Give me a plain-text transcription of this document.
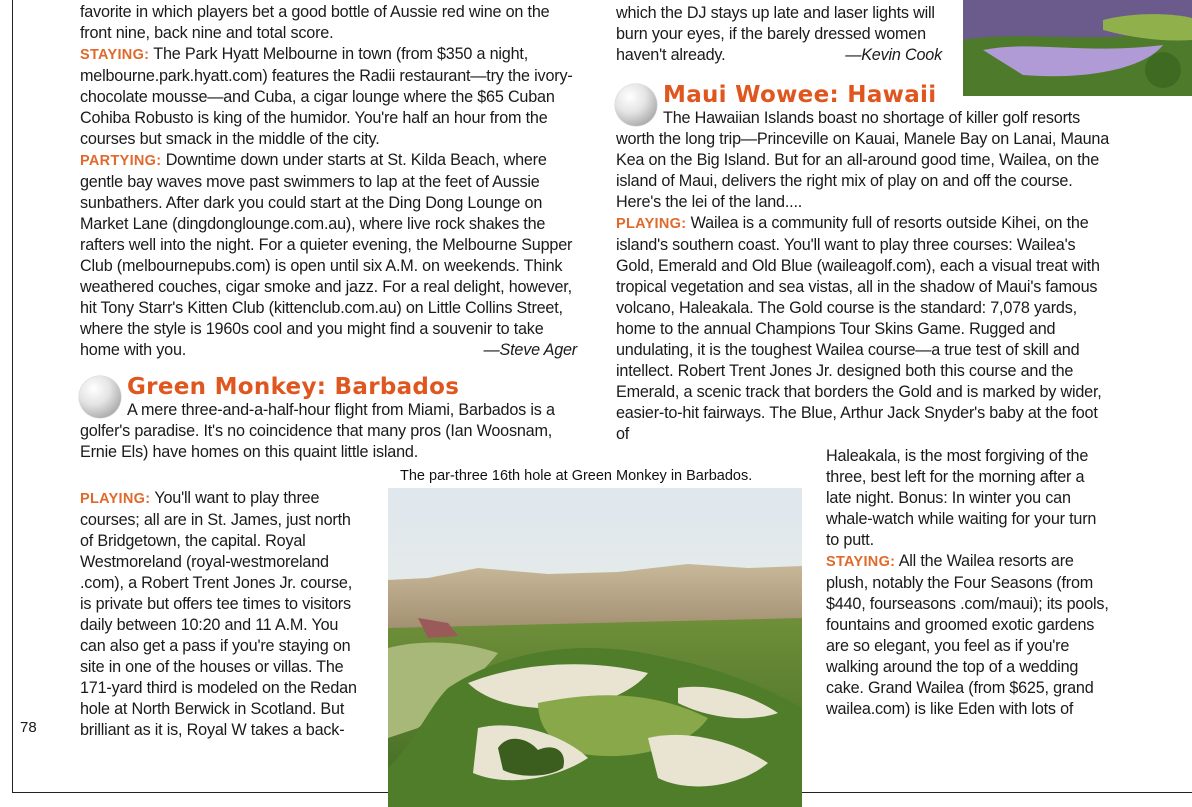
favorite in which players bet a good bottle of Aussie red wine on the front nine, back nine and total score.

STAYING: The Park Hyatt Melbourne in town (from $350 a night, melbourne.park.hyatt.com) features the Radii restaurant—try the ivory-chocolate mousse—and Cuba, a cigar lounge where the $65 Cuban Cohiba Robusto is king of the humidor. You're half an hour from the courses but smack in the middle of the city.

PARTYING: Downtime down under starts at St. Kilda Beach, where gentle bay waves move past swimmers to lap at the feet of Aussie sunbathers. After dark you could start at the Ding Dong Lounge on Market Lane (dingdonglounge.com.au), where live rock shakes the rafters well into the night. For a quieter evening, the Melbourne Supper Club (melbournepubs.com) is open until six A.M. on weekends. Think weathered couches, cigar smoke and jazz. For a real delight, however, hit Tony Starr's Kitten Club (kittenclub.com.au) on Little Collins Street, where the style is 1960s cool and you might find a souvenir to take home with you.	—Steve Ager

Green Monkey: Barbados

A mere three-and-a-half-hour flight from Miami, Barbados is a golfer's paradise. It's no coincidence that many pros (Ian Woosnam, Ernie Els) have homes on this quaint little island.

PLAYING: You'll want to play three courses; all are in St. James, just north of Bridgetown, the capital. Royal Westmoreland (royal-westmoreland .com), a Robert Trent Jones Jr. course, is private but offers tee times to visitors daily between 10:20 and 11 A.M. You can also get a pass if you're staying on site in one of the houses or villas. The 171-yard third is modeled on the Redan hole at North Berwick in Scotland. But brilliant as it is, Royal W takes a back-

The par-three 16th hole at Green Monkey in Barbados.
78

which the DJ stays up late and laser lights will burn your eyes, if the barely dressed women haven't already.	—Kevin Cook

Maui Wowee: Hawaii

The Hawaiian Islands boast no shortage of killer golf resorts worth the long trip—Princeville on Kauai, Manele Bay on Lanai, Mauna Kea on the Big Island. But for an all-around good time, Wailea, on the island of Maui, delivers the right mix of play on and off the course. Here's the lei of the land....

PLAYING: Wailea is a community full of resorts outside Kihei, on the island's southern coast. You'll want to play three courses: Wailea's Gold, Emerald and Old Blue (waileagolf.com), each a visual treat with tropical vegetation and sea vistas, all in the shadow of Maui's famous volcano, Haleakala. The Gold course is the standard: 7,078 yards, home to the annual Champions Tour Skins Game. Rugged and undulating, it is the toughest Wailea course—a true test of skill and intellect. Robert Trent Jones Jr. designed both this course and the Emerald, a scenic track that borders the Gold and is marked by wider, easier-to-hit fairways. The Blue, Arthur Jack Snyder's baby at the foot of

Haleakala, is the most forgiving of the three, best left for the morning after a late night. Bonus: In winter you can whale-watch while waiting for your turn to putt.

STAYING: All the Wailea resorts are plush, notably the Four Seasons (from $440, fourseasons .com/maui); its pools, fountains and groomed exotic gardens are so elegant, you feel as if you're walking around the top of a wedding cake. Grand Wailea (from $625, grand wailea.com) is like Eden with lots of
